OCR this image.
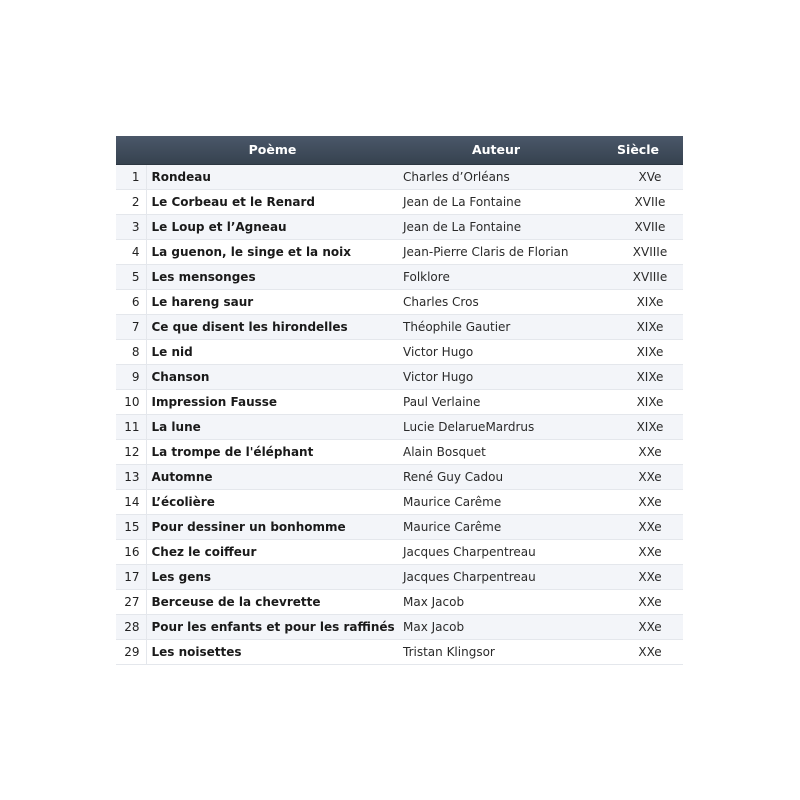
	Poème	Auteur	Siècle
1	Rondeau	Charles d’Orléans	XVe
2	Le Corbeau et le Renard	Jean de La Fontaine	XVIIe
3	Le Loup et l’Agneau	Jean de La Fontaine	XVIIe
4	La guenon, le singe et la noix	Jean-Pierre Claris de Florian	XVIIIe
5	Les mensonges	Folklore	XVIIIe
6	Le hareng saur	Charles Cros	XIXe
7	Ce que disent les hirondelles	Théophile Gautier	XIXe
8	Le nid	Victor Hugo	XIXe
9	Chanson	Victor Hugo	XIXe
10	Impression Fausse	Paul Verlaine	XIXe
11	La lune	Lucie DelarueMardrus	XIXe
12	La trompe de l'éléphant	Alain Bosquet	XXe
13	Automne	René Guy Cadou	XXe
14	L’écolière	Maurice Carême	XXe
15	Pour dessiner un bonhomme	Maurice Carême	XXe
16	Chez le coiffeur	Jacques Charpentreau	XXe
17	Les gens	Jacques Charpentreau	XXe
27	Berceuse de la chevrette	Max Jacob	XXe
28	Pour les enfants et pour les raffinés	Max Jacob	XXe
29	Les noisettes	Tristan Klingsor	XXe
